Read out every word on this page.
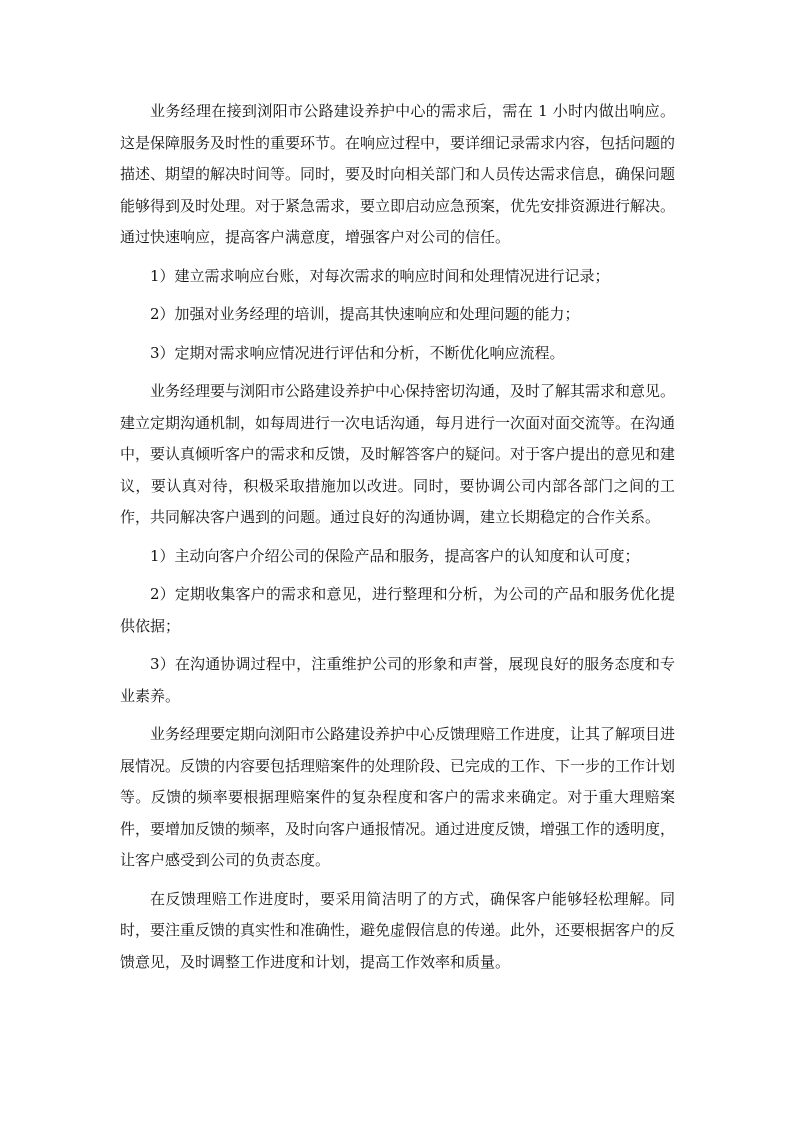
业务经理在接到浏阳市公路建设养护中心的需求后，需在 1 小时内做出响应。这是保障服务及时性的重要环节。在响应过程中，要详细记录需求内容，包括问题的描述、期望的解决时间等。同时，要及时向相关部门和人员传达需求信息，确保问题能够得到及时处理。对于紧急需求，要立即启动应急预案，优先安排资源进行解决。通过快速响应，提高客户满意度，增强客户对公司的信任。

1）建立需求响应台账，对每次需求的响应时间和处理情况进行记录；

2）加强对业务经理的培训，提高其快速响应和处理问题的能力；

3）定期对需求响应情况进行评估和分析，不断优化响应流程。

业务经理要与浏阳市公路建设养护中心保持密切沟通，及时了解其需求和意见。建立定期沟通机制，如每周进行一次电话沟通，每月进行一次面对面交流等。在沟通中，要认真倾听客户的需求和反馈，及时解答客户的疑问。对于客户提出的意见和建议，要认真对待，积极采取措施加以改进。同时，要协调公司内部各部门之间的工作，共同解决客户遇到的问题。通过良好的沟通协调，建立长期稳定的合作关系。

1）主动向客户介绍公司的保险产品和服务，提高客户的认知度和认可度；

2）定期收集客户的需求和意见，进行整理和分析，为公司的产品和服务优化提供依据；

3）在沟通协调过程中，注重维护公司的形象和声誉，展现良好的服务态度和专业素养。

业务经理要定期向浏阳市公路建设养护中心反馈理赔工作进度，让其了解项目进展情况。反馈的内容要包括理赔案件的处理阶段、已完成的工作、下一步的工作计划等。反馈的频率要根据理赔案件的复杂程度和客户的需求来确定。对于重大理赔案件，要增加反馈的频率，及时向客户通报情况。通过进度反馈，增强工作的透明度，让客户感受到公司的负责态度。

在反馈理赔工作进度时，要采用简洁明了的方式，确保客户能够轻松理解。同时，要注重反馈的真实性和准确性，避免虚假信息的传递。此外，还要根据客户的反馈意见，及时调整工作进度和计划，提高工作效率和质量。
